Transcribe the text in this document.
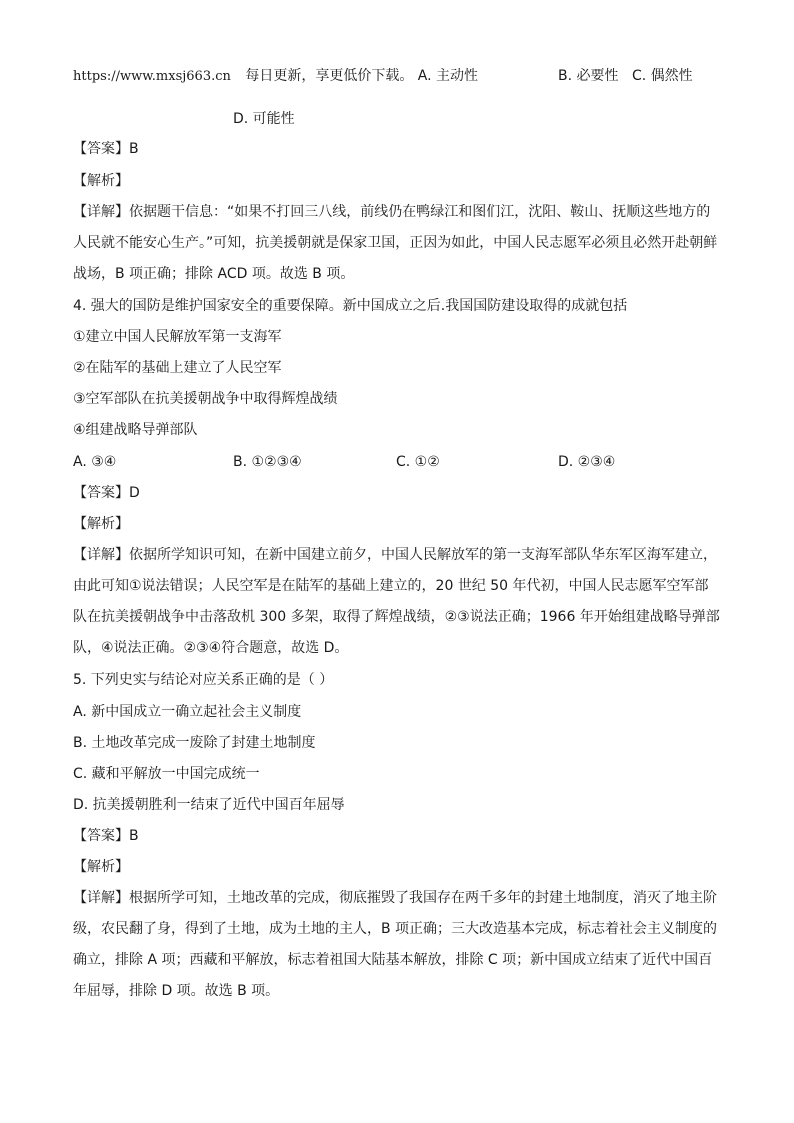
https://www.mxsj663.cn 每日更新，享更低价下载。 A. 主动性	B. 必要性 C. 偶然性
D. 可能性
【答案】B
【解析】
【详解】依据题干信息：“如果不打回三八线，前线仍在鸭绿江和图们江，沈阳、鞍山、抚顺这些地方的人民就不能安心生产。”可知，抗美援朝就是保家卫国，正因为如此，中国人民志愿军必须且必然开赴朝鲜战场，B 项正确；排除 ACD 项。故选 B 项。
4. 强大的国防是维护国家安全的重要保障。新中国成立之后.我国国防建设取得的成就包括
①建立中国人民解放军第一支海军
②在陆军的基础上建立了人民空军
③空军部队在抗美援朝战争中取得辉煌战绩
④组建战略导弹部队
A. ③④	B. ①②③④	C. ①②	D. ②③④
【答案】D
【解析】
【详解】依据所学知识可知，在新中国建立前夕，中国人民解放军的第一支海军部队华东军区海军建立，由此可知①说法错误；人民空军是在陆军的基础上建立的，20 世纪 50 年代初，中国人民志愿军空军部队在抗美援朝战争中击落敌机 300 多架，取得了辉煌战绩，②③说法正确；1966 年开始组建战略导弹部队，④说法正确。②③④符合题意，故选 D。
5. 下列史实与结论对应关系正确的是（ ）
A. 新中国成立一确立起社会主义制度
B. 土地改革完成一废除了封建土地制度
C. 藏和平解放一中国完成统一
D. 抗美援朝胜利一结束了近代中国百年屈辱
【答案】B
【解析】
【详解】根据所学可知，土地改革的完成，彻底摧毁了我国存在两千多年的封建土地制度，消灭了地主阶级，农民翻了身，得到了土地，成为土地的主人，B 项正确；三大改造基本完成，标志着社会主义制度的确立，排除 A 项；西藏和平解放，标志着祖国大陆基本解放，排除 C 项；新中国成立结束了近代中国百年屈辱，排除 D 项。故选 B 项。
